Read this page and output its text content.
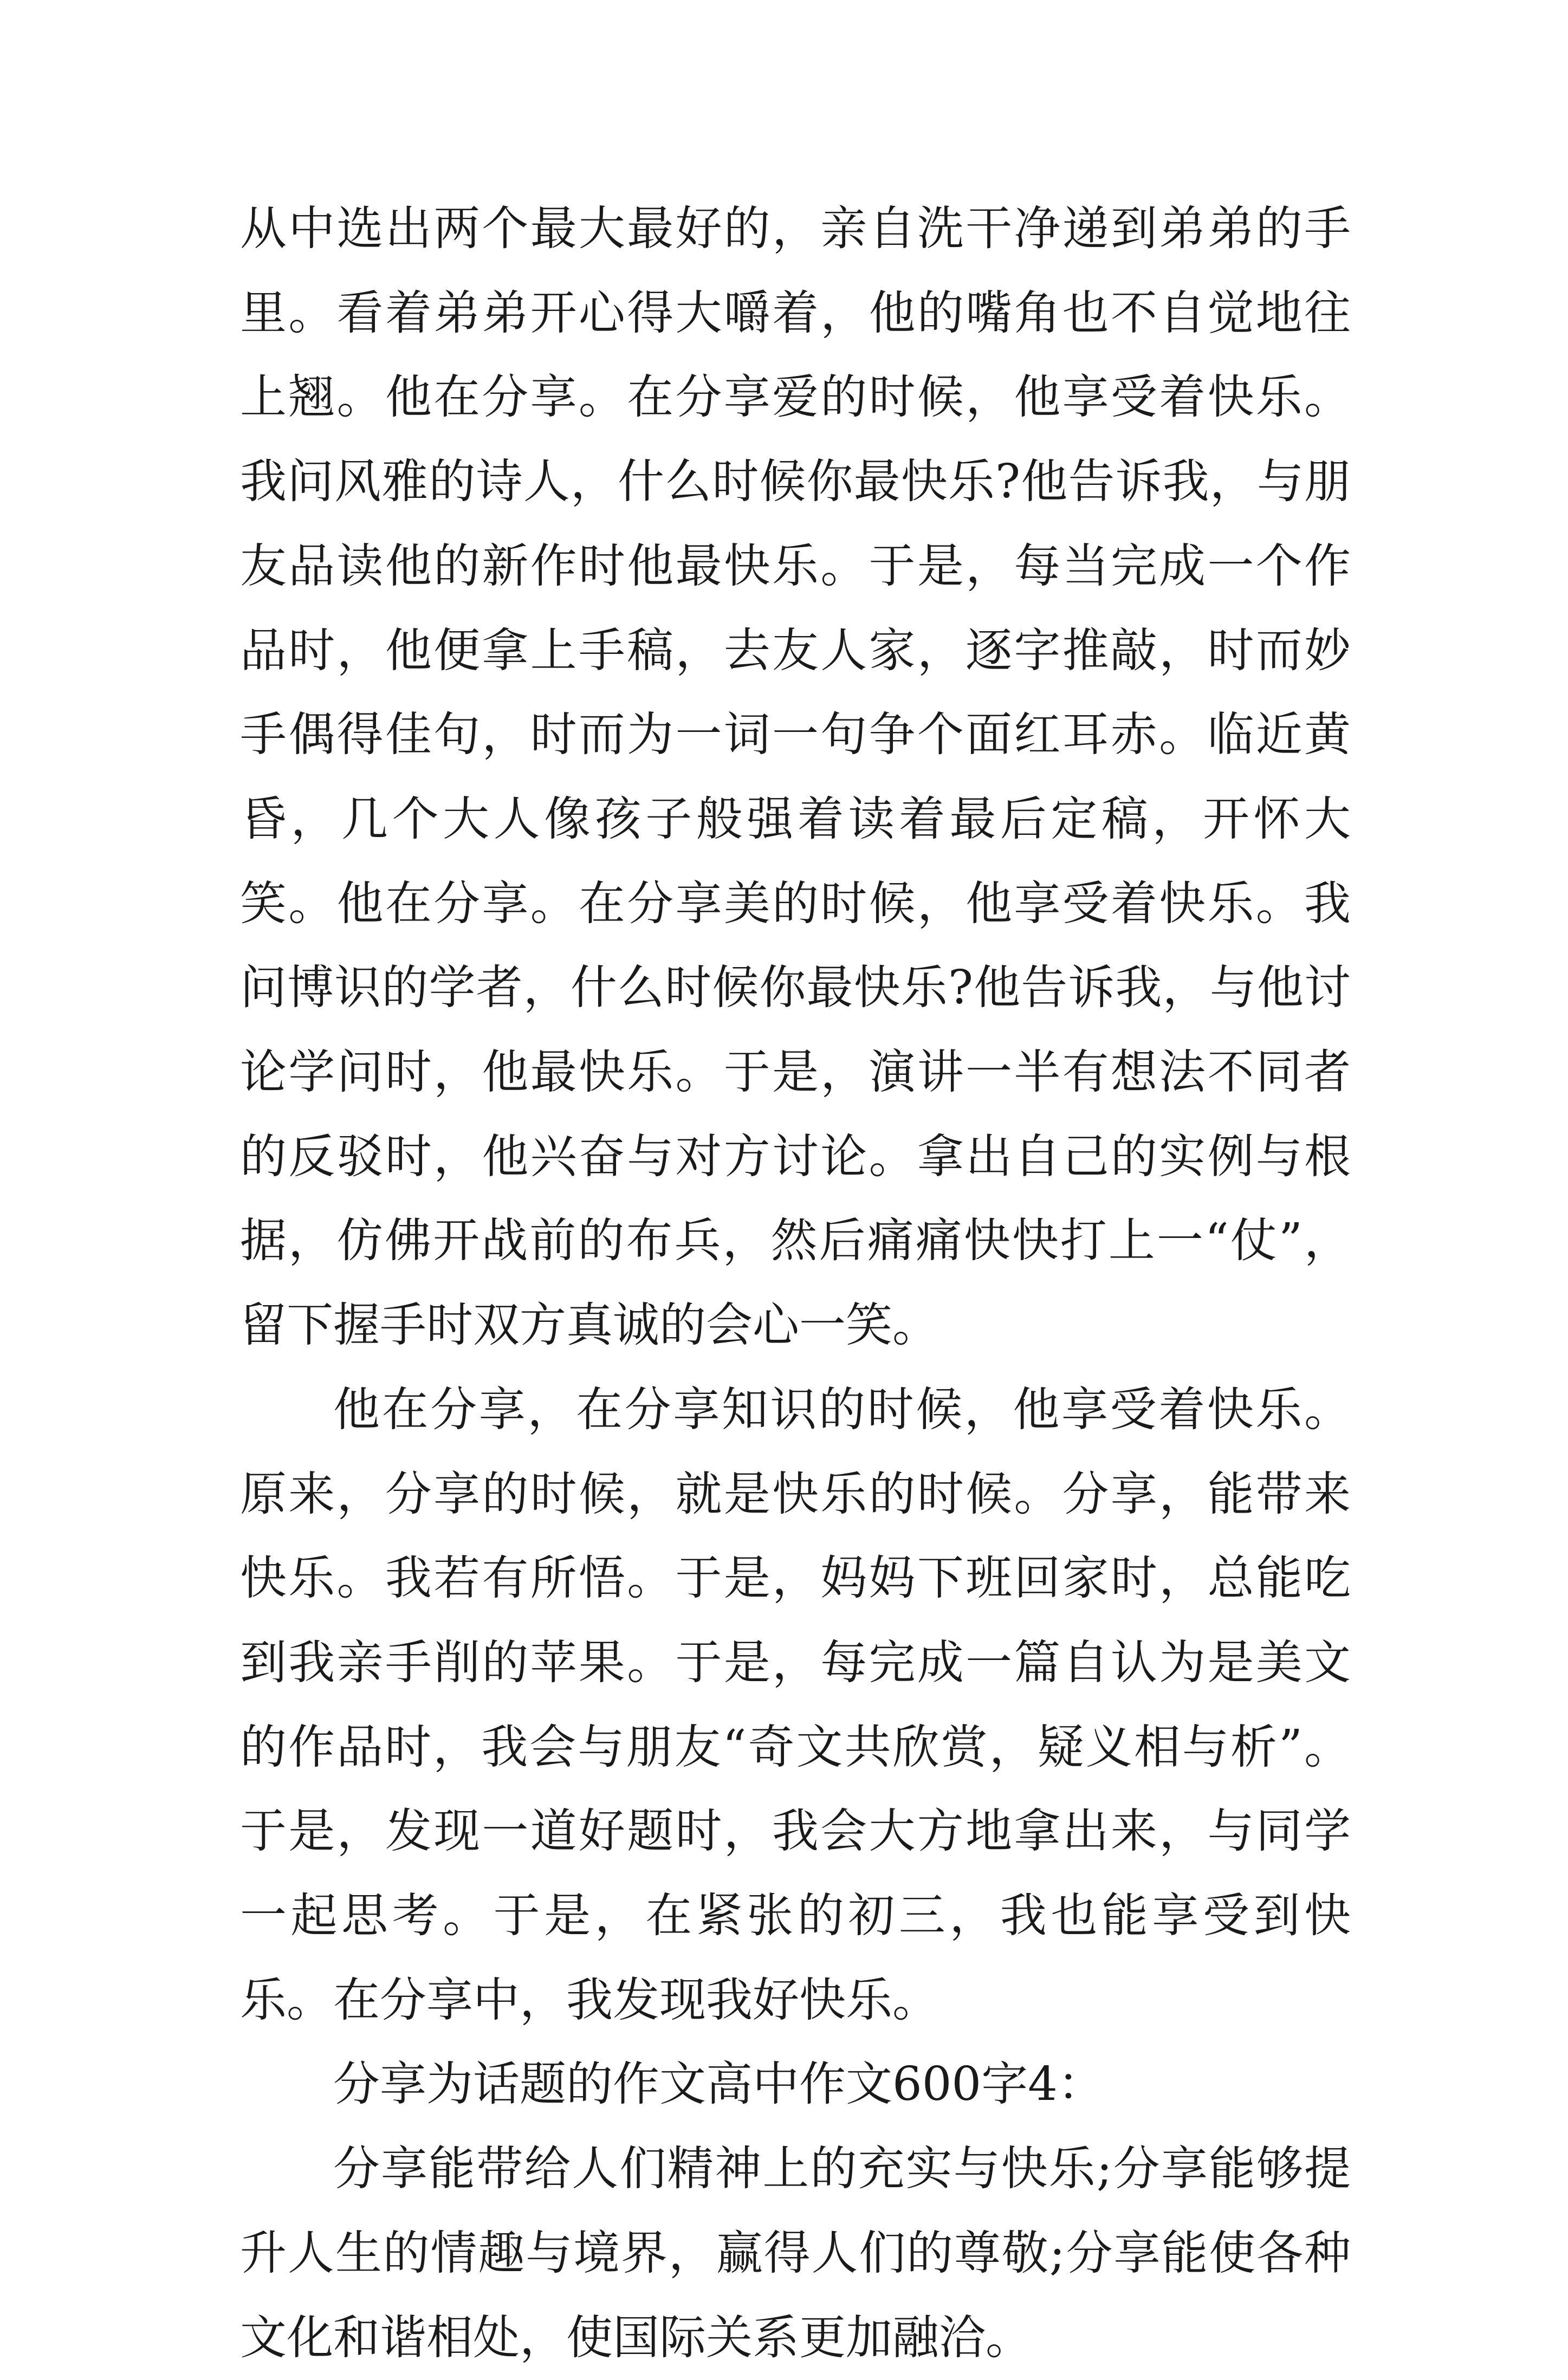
从中选出两个最大最好的，亲自洗干净递到弟弟的手里。看着弟弟开心得大嚼着，他的嘴角也不自觉地往上翘。他在分享。在分享爱的时候，他享受着快乐。我问风雅的诗人，什么时候你最快乐?他告诉我，与朋友品读他的新作时他最快乐。于是，每当完成一个作品时，他便拿上手稿，去友人家，逐字推敲，时而妙手偶得佳句，时而为一词一句争个面红耳赤。临近黄昏，几个大人像孩子般强着读着最后定稿，开怀大笑。他在分享。在分享美的时候，他享受着快乐。我问博识的学者，什么时候你最快乐?他告诉我，与他讨论学问时，他最快乐。于是，演讲一半有想法不同者的反驳时，他兴奋与对方讨论。拿出自己的实例与根据，仿佛开战前的布兵，然后痛痛快快打上一“仗”，留下握手时双方真诚的会心一笑。

他在分享，在分享知识的时候，他享受着快乐。原来，分享的时候，就是快乐的时候。分享，能带来快乐。我若有所悟。于是，妈妈下班回家时，总能吃到我亲手削的苹果。于是，每完成一篇自认为是美文的作品时，我会与朋友“奇文共欣赏，疑义相与析”。于是，发现一道好题时，我会大方地拿出来，与同学一起思考。于是，在紧张的初三，我也能享受到快乐。在分享中，我发现我好快乐。

分享为话题的作文高中作文600字4：

分享能带给人们精神上的充实与快乐;分享能够提升人生的情趣与境界，赢得人们的尊敬;分享能使各种文化和谐相处，使国际关系更加融洽。
